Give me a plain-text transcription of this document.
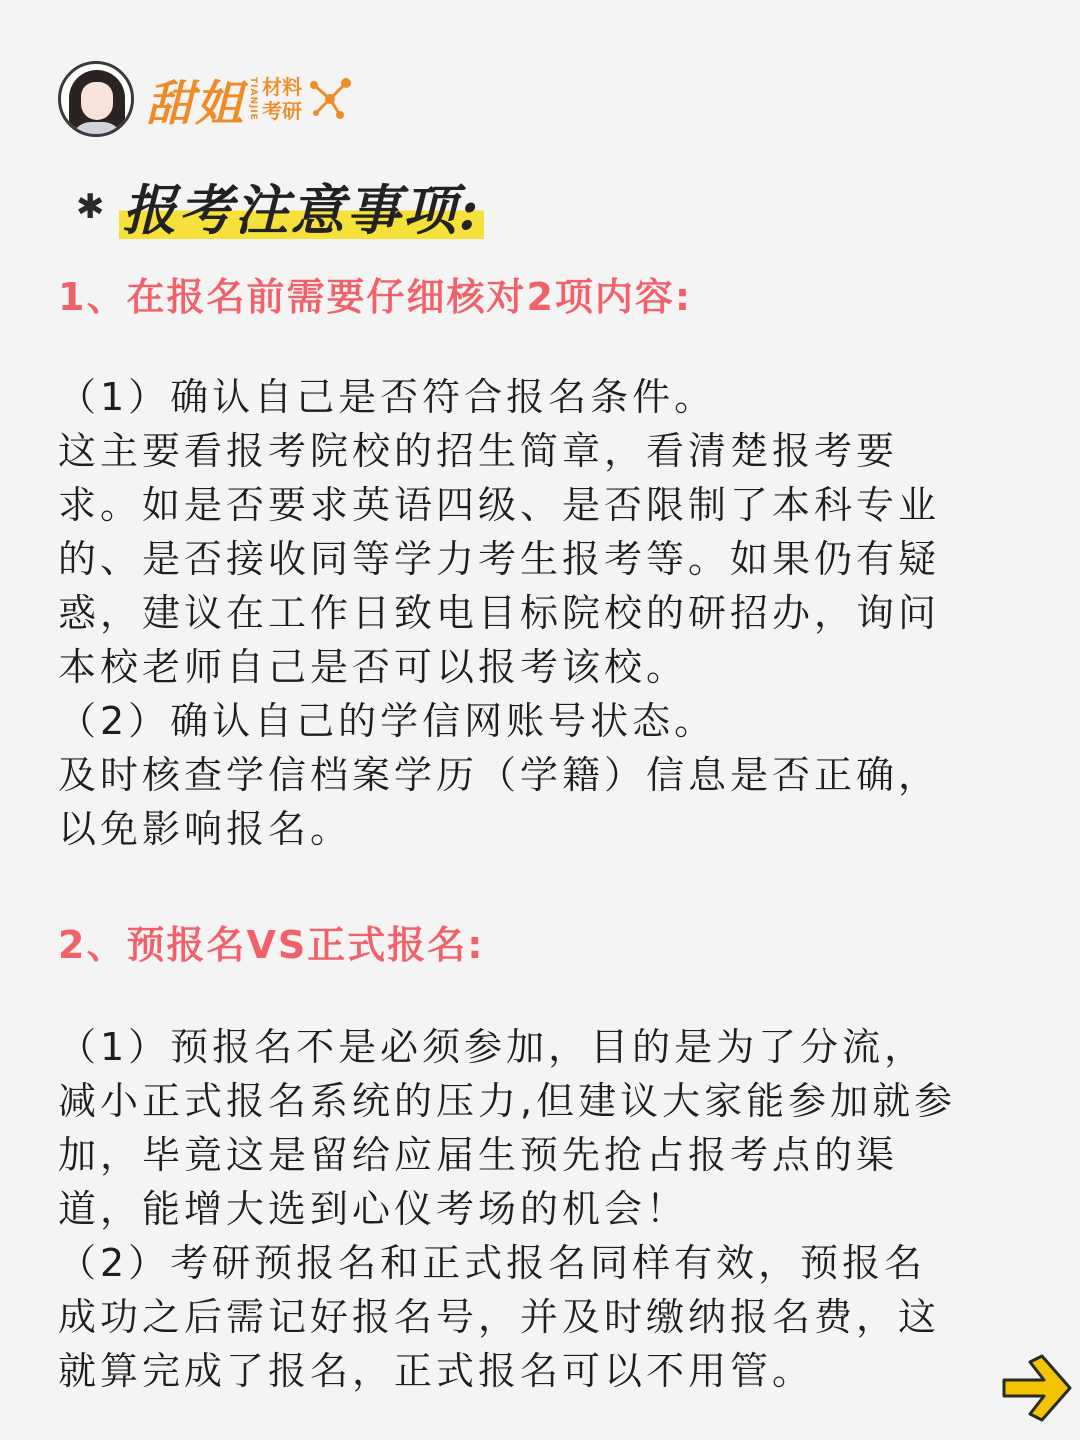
甜姐 TIANJIE 材料
考研
✱ 报考注意事项:
1、在报名前需要仔细核对2项内容:

（1）确认自己是否符合报名条件。

这主要看报考院校的招生简章，看清楚报考要

求。如是否要求英语四级、是否限制了本科专业

的、是否接收同等学力考生报考等。如果仍有疑

惑，建议在工作日致电目标院校的研招办，询问

本校老师自己是否可以报考该校。

（2）确认自己的学信网账号状态。

及时核查学信档案学历（学籍）信息是否正确，

以免影响报名。

2、预报名VS正式报名:

（1）预报名不是必须参加，目的是为了分流，

减小正式报名系统的压力,但建议大家能参加就参

加，毕竟这是留给应届生预先抢占报考点的渠

道，能增大选到心仪考场的机会！

（2）考研预报名和正式报名同样有效，预报名

成功之后需记好报名号，并及时缴纳报名费，这

就算完成了报名，正式报名可以不用管。
